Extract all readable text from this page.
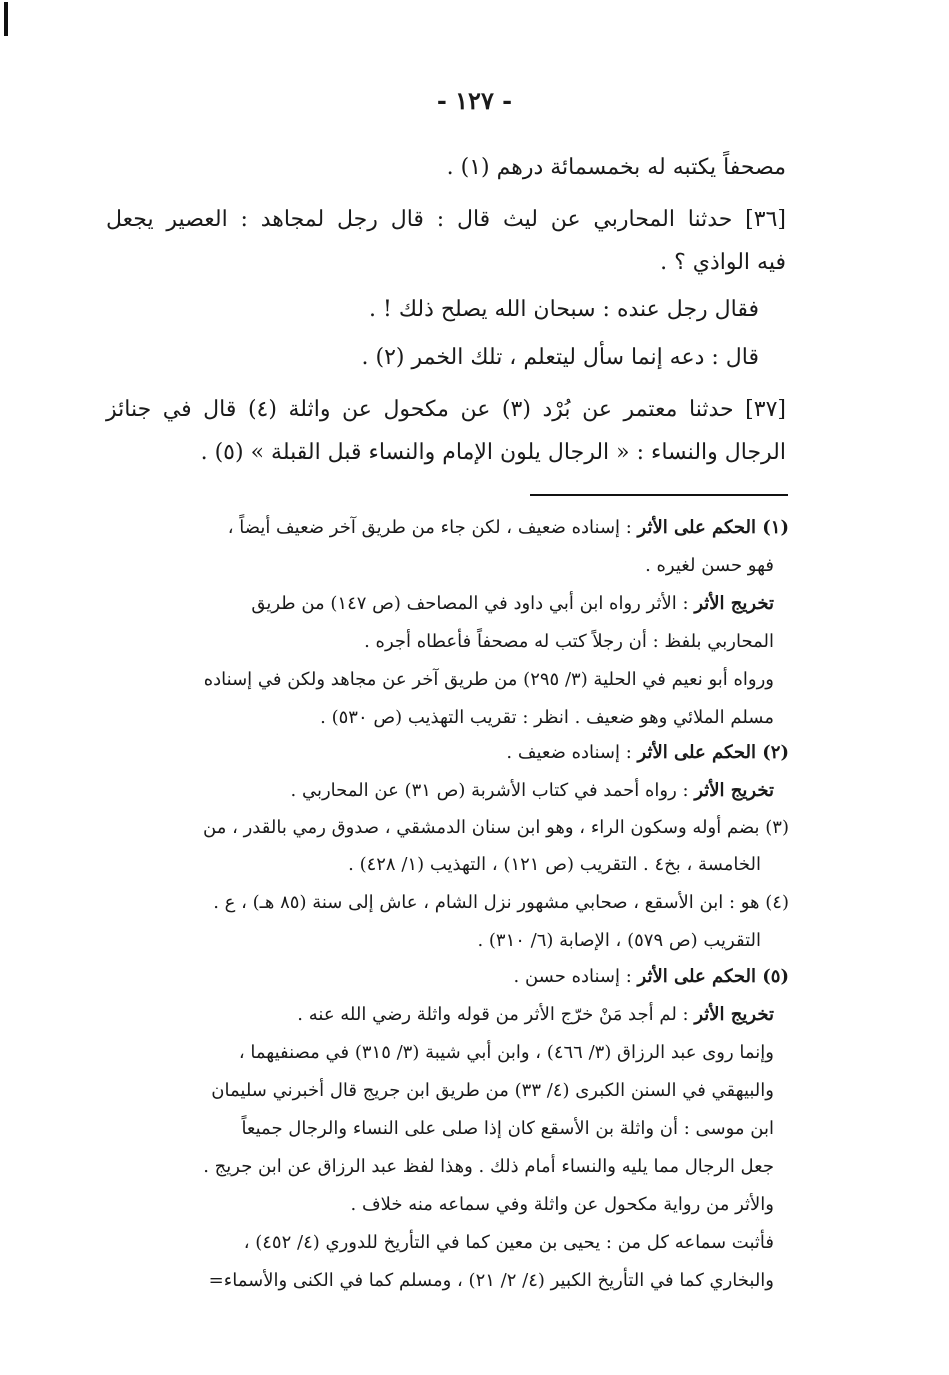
- ١٢٧ -
مصحفاً يكتبه له بخمسمائة درهم (١) .
[٣٦] حدثنا المحاربي عن ليث قال : قال رجل لمجاهد : العصير يجعل
فيه الواذي ؟ .
فقال رجل عنده : سبحان الله يصلح ذلك ! .
قال : دعه إنما سأل ليتعلم ، تلك الخمر (٢) .
[٣٧] حدثنا معتمر عن بُرْد (٣) عن مكحول عن واثلة (٤) قال في جنائز
الرجال والنساء : « الرجال يلون الإمام والنساء قبل القبلة » (٥) .
(١) الحكم على الأثر : إسناده ضعيف ، لكن جاء من طريق آخر ضعيف أيضاً ،
فهو حسن لغيره .
تخريج الأثر : الأثر رواه ابن أبي داود في المصاحف (ص ١٤٧) من طريق
المحاربي بلفظ : أن رجلاً كتب له مصحفاً فأعطاه أجره .
ورواه أبو نعيم في الحلية (٣/ ٢٩٥) من طريق آخر عن مجاهد ولكن في إسناده
مسلم الملائي وهو ضعيف . انظر : تقريب التهذيب (ص ٥٣٠) .
(٢) الحكم على الأثر : إسناده ضعيف .
تخريج الأثر : رواه أحمد في كتاب الأشربة (ص ٣١) عن المحاربي .
(٣) بضم أوله وسكون الراء ، وهو ابن سنان الدمشقي ، صدوق رمي بالقدر ، من
الخامسة ، بخ٤ . التقريب (ص ١٢١) ، التهذيب (١/ ٤٢٨) .
(٤) هو : ابن الأسقع ، صحابي مشهور نزل الشام ، عاش إلى سنة (٨٥ هـ) ، ع .
التقريب (ص ٥٧٩) ، الإصابة (٦/ ٣١٠) .
(٥) الحكم على الأثر : إسناده حسن .
تخريج الأثر : لم أجد مَنْ خرّج الأثر من قوله واثلة رضي الله عنه .
وإنما روى عبد الرزاق (٣/ ٤٦٦) ، وابن أبي شيبة (٣/ ٣١٥) في مصنفيهما ،
والبيهقي في السنن الكبرى (٤/ ٣٣) من طريق ابن جريج قال أخبرني سليمان
ابن موسى : أن واثلة بن الأسقع كان إذا صلى على النساء والرجال جميعاً
جعل الرجال مما يليه والنساء أمام ذلك . وهذا لفظ عبد الرزاق عن ابن جريج .
والأثر من رواية مكحول عن واثلة وفي سماعه منه خلاف .
فأثبت سماعه كل من : يحيى بن معين كما في التأريخ للدوري (٤/ ٤٥٢) ،
والبخاري كما في التأريخ الكبير (٤/ ٢/ ٢١) ، ومسلم كما في الكنى والأسماء=
